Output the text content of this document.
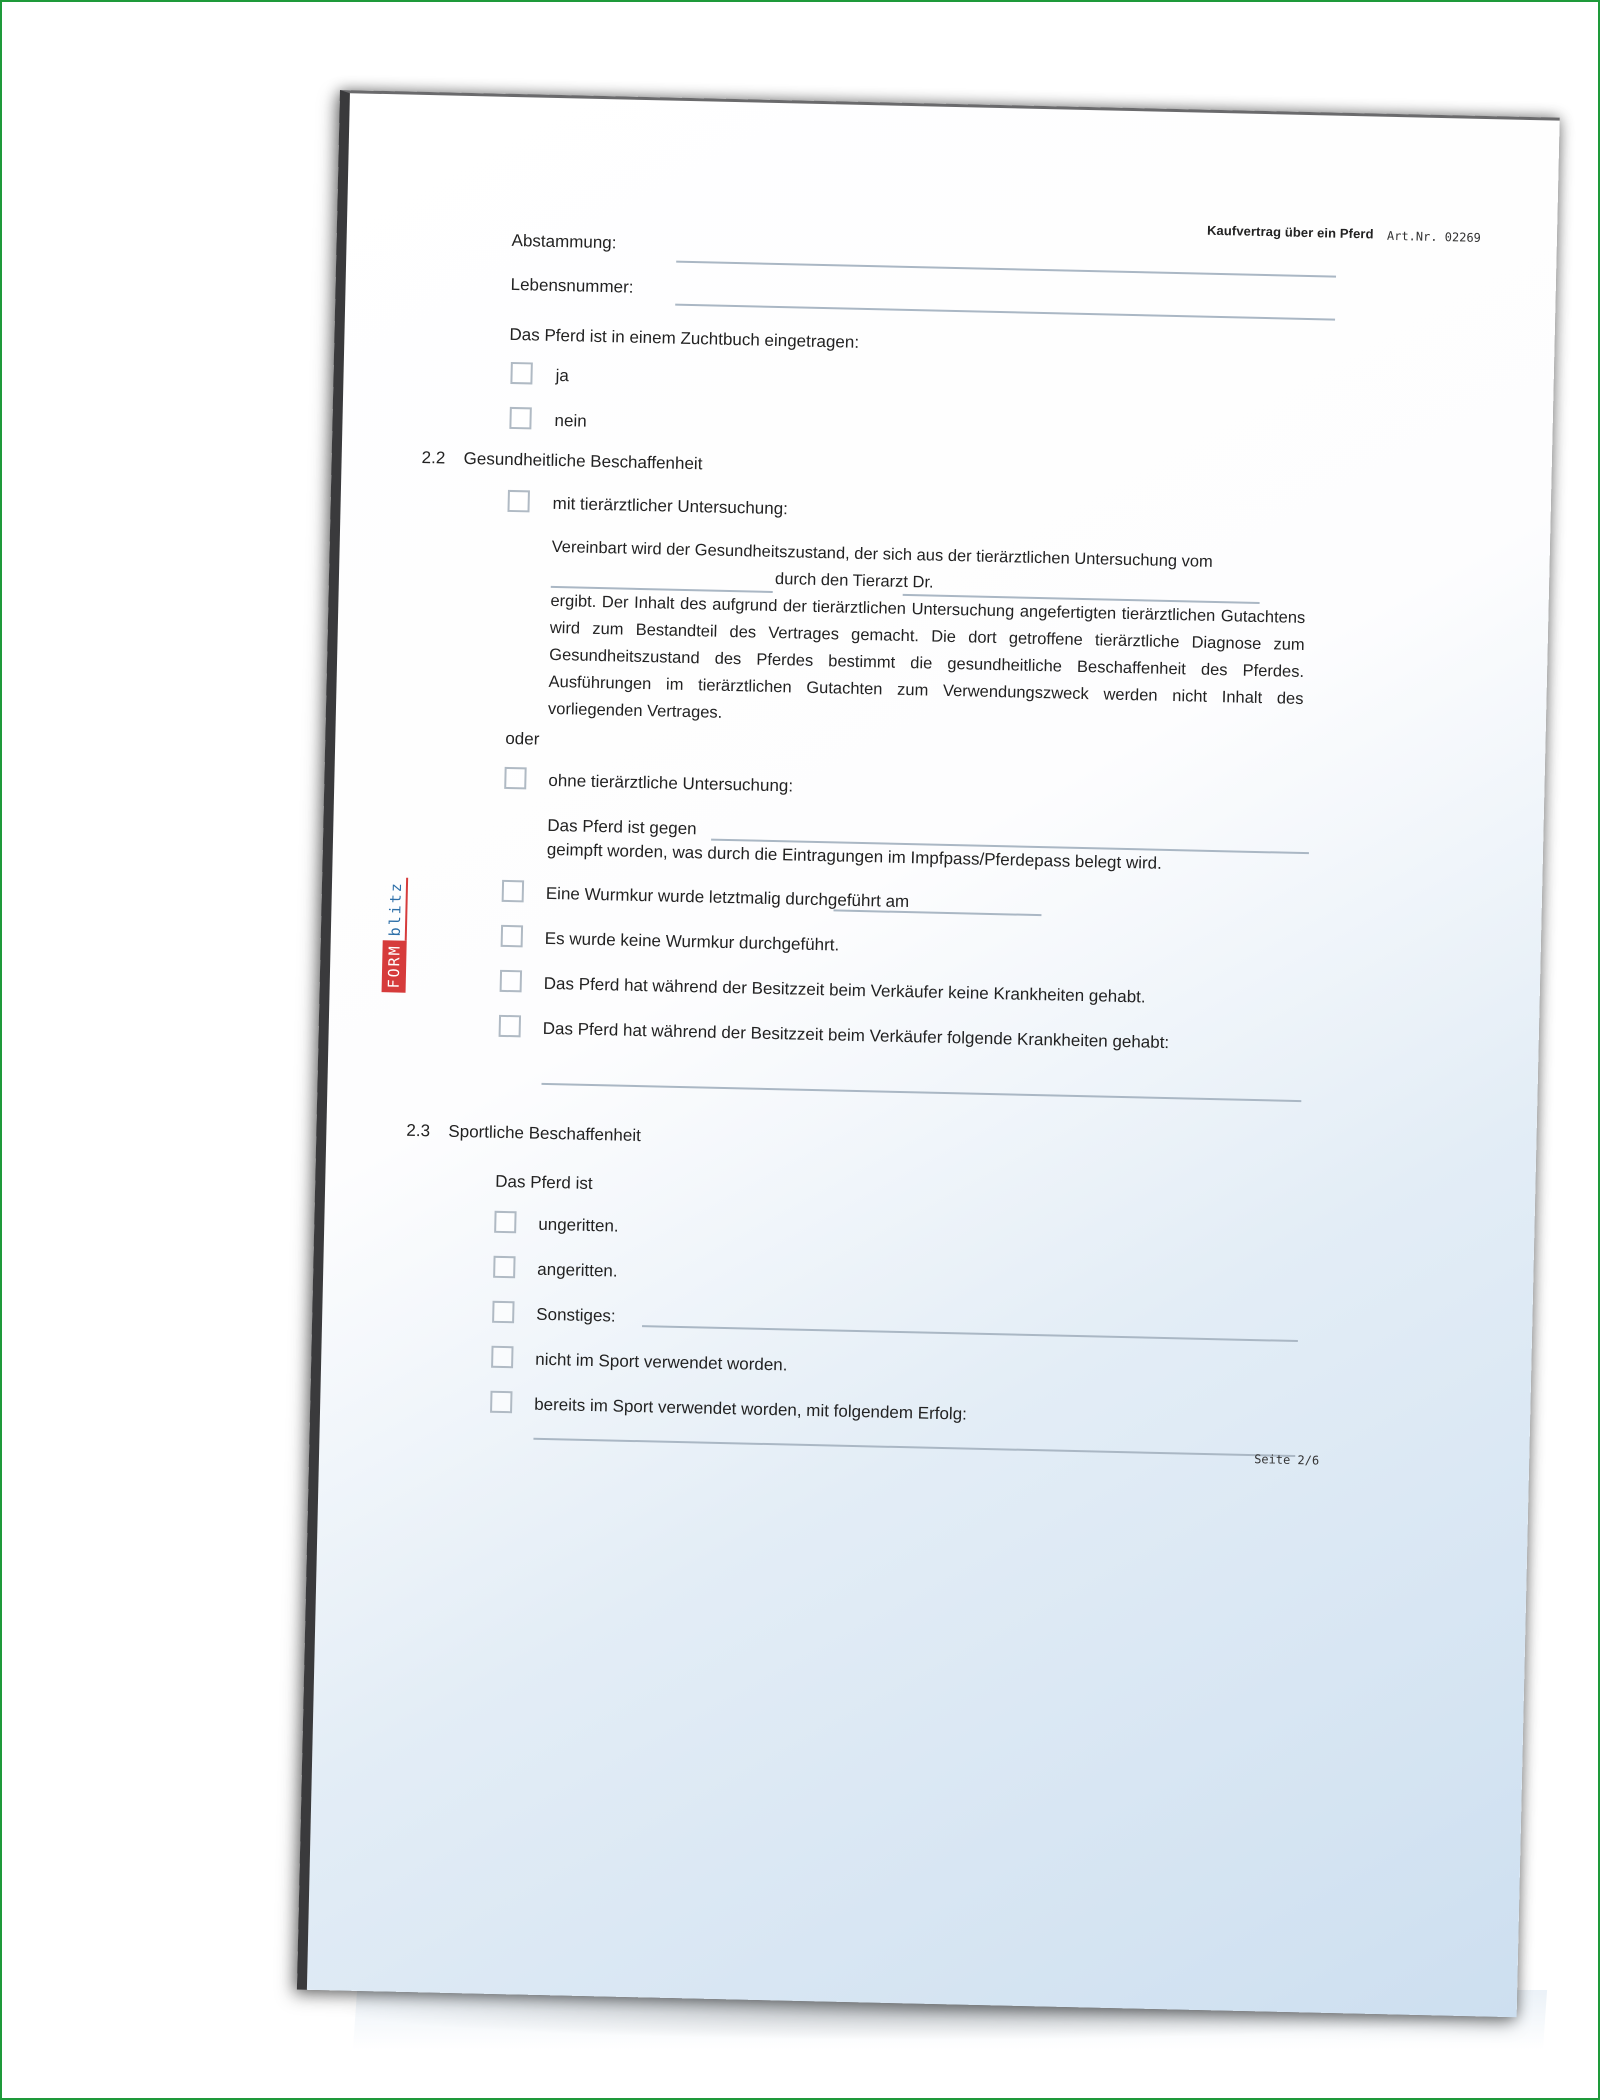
Kaufvertrag über ein Pferd Art.Nr. 02269
Abstammung:
Lebensnummer:
Das Pferd ist in einem Zuchtbuch eingetragen:
ja
nein
2.2 Gesundheitliche Beschaffenheit
mit tierärztlicher Untersuchung:
Vereinbart wird der Gesundheitszustand, der sich aus der tierärztlichen Untersuchung vom
durch den Tierarzt Dr.
ergibt. Der Inhalt des aufgrund der tierärztlichen Untersuchung angefertigten tierärztlichen Gutachtens wird zum Bestandteil des Vertrages gemacht. Die dort getroffene tierärztliche Diagnose zum Gesundheitszustand des Pferdes bestimmt die gesundheitliche Beschaffenheit des Pferdes. Ausführungen im tierärztlichen Gutachten zum Verwendungszweck werden nicht Inhalt des vorliegenden Vertrages.
oder
ohne tierärztliche Untersuchung:
Das Pferd ist gegen
geimpft worden, was durch die Eintragungen im Impfpass/Pferdepass belegt wird.
Eine Wurmkur wurde letztmalig durchgeführt am
Es wurde keine Wurmkur durchgeführt.
Das Pferd hat während der Besitzzeit beim Verkäufer keine Krankheiten gehabt.
Das Pferd hat während der Besitzzeit beim Verkäufer folgende Krankheiten gehabt:
2.3 Sportliche Beschaffenheit
Das Pferd ist
ungeritten.
angeritten.
Sonstiges:
nicht im Sport verwendet worden.
bereits im Sport verwendet worden, mit folgendem Erfolg:
Seite 2/6
FORM
blitz
